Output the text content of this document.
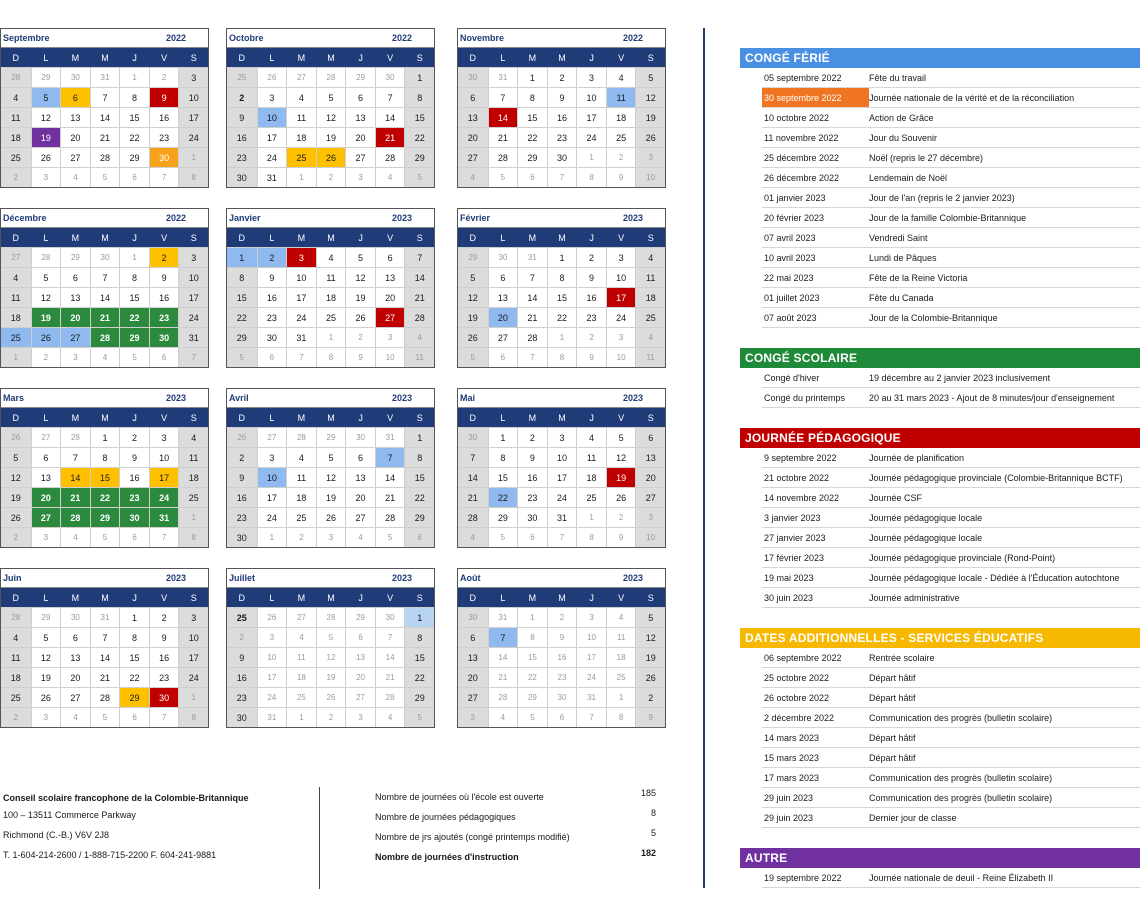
Septembre	2022
D	L	M	M	J	V	S
28	29	30	31	1	2	3
4	5	6	7	8	9	10
11	12	13	14	15	16	17
18	19	20	21	22	23	24
25	26	27	28	29	30	1
2	3	4	5	6	7	8
Octobre	2022
D	L	M	M	J	V	S
25	26	27	28	29	30	1
2	3	4	5	6	7	8
9	10	11	12	13	14	15
16	17	18	19	20	21	22
23	24	25	26	27	28	29
30	31	1	2	3	4	5
Novembre	2022
D	L	M	M	J	V	S
30	31	1	2	3	4	5
6	7	8	9	10	11	12
13	14	15	16	17	18	19
20	21	22	23	24	25	26
27	28	29	30	1	2	3
4	5	6	7	8	9	10
Décembre	2022
D	L	M	M	J	V	S
27	28	29	30	1	2	3
4	5	6	7	8	9	10
11	12	13	14	15	16	17
18	19	20	21	22	23	24
25	26	27	28	29	30	31
1	2	3	4	5	6	7
Janvier	2023
D	L	M	M	J	V	S
1	2	3	4	5	6	7
8	9	10	11	12	13	14
15	16	17	18	19	20	21
22	23	24	25	26	27	28
29	30	31	1	2	3	4
5	6	7	8	9	10	11
Février	2023
D	L	M	M	J	V	S
29	30	31	1	2	3	4
5	6	7	8	9	10	11
12	13	14	15	16	17	18
19	20	21	22	23	24	25
26	27	28	1	2	3	4
5	6	7	8	9	10	11
Mars	2023
D	L	M	M	J	V	S
26	27	28	1	2	3	4
5	6	7	8	9	10	11
12	13	14	15	16	17	18
19	20	21	22	23	24	25
26	27	28	29	30	31	1
2	3	4	5	6	7	8
Avril	2023
D	L	M	M	J	V	S
26	27	28	29	30	31	1
2	3	4	5	6	7	8
9	10	11	12	13	14	15
16	17	18	19	20	21	22
23	24	25	26	27	28	29
30	1	2	3	4	5	6
Mai	2023
D	L	M	M	J	V	S
30	1	2	3	4	5	6
7	8	9	10	11	12	13
14	15	16	17	18	19	20
21	22	23	24	25	26	27
28	29	30	31	1	2	3
4	5	6	7	8	9	10
Juin	2023
D	L	M	M	J	V	S
28	29	30	31	1	2	3
4	5	6	7	8	9	10
11	12	13	14	15	16	17
18	19	20	21	22	23	24
25	26	27	28	29	30	1
2	3	4	5	6	7	8
Juillet	2023
D	L	M	M	J	V	S
25	26	27	28	29	30	1
2	3	4	5	6	7	8
9	10	11	12	13	14	15
16	17	18	19	20	21	22
23	24	25	26	27	28	29
30	31	1	2	3	4	5
Août	2023
D	L	M	M	J	V	S
30	31	1	2	3	4	5
6	7	8	9	10	11	12
13	14	15	16	17	18	19
20	21	22	23	24	25	26
27	28	29	30	31	1	2
3	4	5	6	7	8	9
CONGÉ FÉRIÉ
05 septembre 2022	Fête du travail
30 septembre 2022	Journée nationale de la vérité et de la réconciliation
10 octobre 2022	Action de Grâce
11 novembre 2022	Jour du Souvenir
25 décembre 2022	Noël (repris le 27 décembre)
26 décembre 2022	Lendemain de Noël
01 janvier 2023	Jour de l'an (repris le 2 janvier 2023)
20 février 2023	Jour de la famille Colombie-Britannique
07 avril 2023	Vendredi Saint
10 avril 2023	Lundi de Pâques
22 mai 2023	Fête de la Reine Victoria
01 juillet 2023	Fête du Canada
07 août 2023	Jour de la Colombie-Britannique
CONGÉ SCOLAIRE
Congé d'hiver	19 décembre au 2 janvier 2023 inclusivement
Congé du printemps	20 au 31 mars 2023 - Ajout de 8 minutes/jour d'enseignement
JOURNÉE PÉDAGOGIQUE
9 septembre 2022	Journée de planification
21 octobre 2022	Journée pédagogique provinciale (Colombie-Britannique BCTF)
14 novembre 2022	Journée CSF
3 janvier 2023	Journée pédagogique locale
27 janvier 2023	Journée pédagogique locale
17 février 2023	Journée pédagogique provinciale (Rond-Point)
19 mai 2023	Journée pédagogique locale - Dédiée à l'Éducation autochtone
30 juin 2023	Journée administrative
DATES ADDITIONNELLES - SERVICES ÉDUCATIFS
06 septembre 2022	Rentrée scolaire
25 octobre 2022	Départ hâtif
26 octobre 2022	Départ hâtif
2 décembre 2022	Communication des progrès (bulletin scolaire)
14 mars 2023	Départ hâtif
15 mars 2023	Départ hâtif
17 mars 2023	Communication des progrès (bulletin scolaire)
29 juin 2023	Communication des progrès (bulletin scolaire)
29 juin 2023	Dernier jour de classe
AUTRE
19 septembre 2022	Journée nationale de deuil - Reine Élizabeth II
Conseil scolaire francophone de la Colombie-Britannique
100 – 13511 Commerce Parkway
Richmond (C.-B.) V6V 2J8
T. 1-604-214-2600 / 1-888-715-2200 F. 604-241-9881
Nombre de journées où l'école est ouverte	185
Nombre de journées pédagogiques	8
Nombre de jrs ajoutés (congé printemps modifié)	5
Nombre de journées d'instruction	182
